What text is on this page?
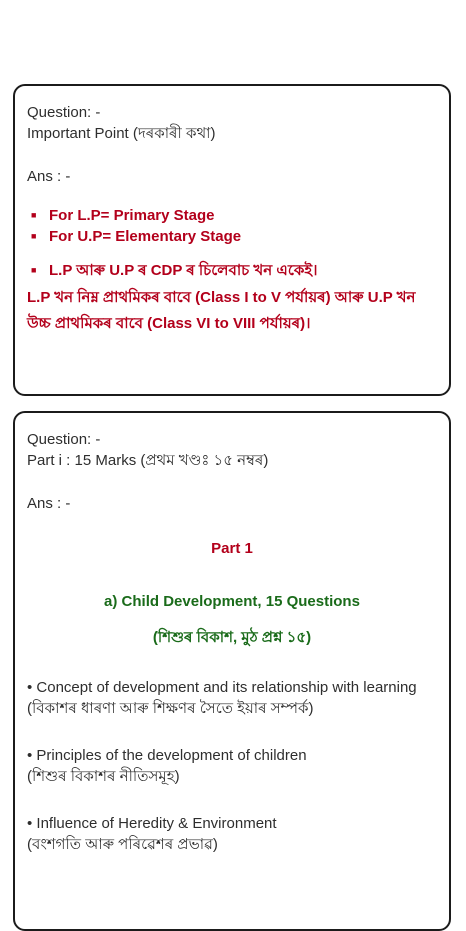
Question: -
Important Point (দৰকাৰী কথা)
Ans : -
■ For L.P= Primary Stage
■ For U.P= Elementary Stage
■ L.P আৰু U.P ৰ CDP ৰ চিলেবাচ খন একেই।
L.P খন নিম্ন প্ৰাথমিকৰ বাবে (Class I to V পৰ্যায়ৰ) আৰু U.P খন উচ্চ প্ৰাথমিকৰ বাবে (Class VI to VIII পৰ্যায়ৰ)।
Question: -
Part i : 15 Marks (প্ৰথম খণ্ডঃ ১৫ নম্বৰ)
Ans : -
Part 1
a) Child Development, 15 Questions
(শিশুৰ বিকাশ, মুঠ প্ৰশ্ন ১৫)
• Concept of development and its relationship with learning
(বিকাশৰ ধাৰণা আৰু শিক্ষণৰ সৈতে ইয়াৰ সম্পৰ্ক)
• Principles of the development of children
(শিশুৰ বিকাশৰ নীতিসমূহ)
• Influence of Heredity & Environment
(বংশগতি আৰু পৰিৱেশৰ প্ৰভাৱ)
